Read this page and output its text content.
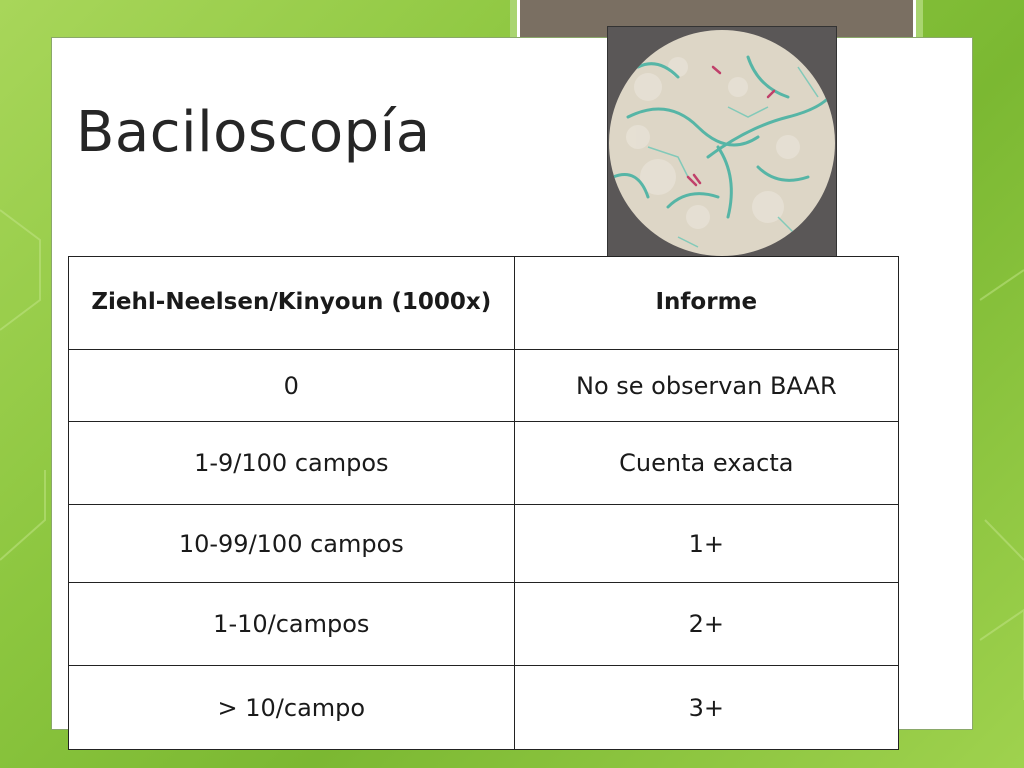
Baciloscopía
Ziehl-Neelsen/Kinyoun (1000x)	Informe
0	No se observan BAAR
1-9/100 campos	Cuenta exacta
10-99/100 campos	1+
1-10/campos	2+
> 10/campo	3+
